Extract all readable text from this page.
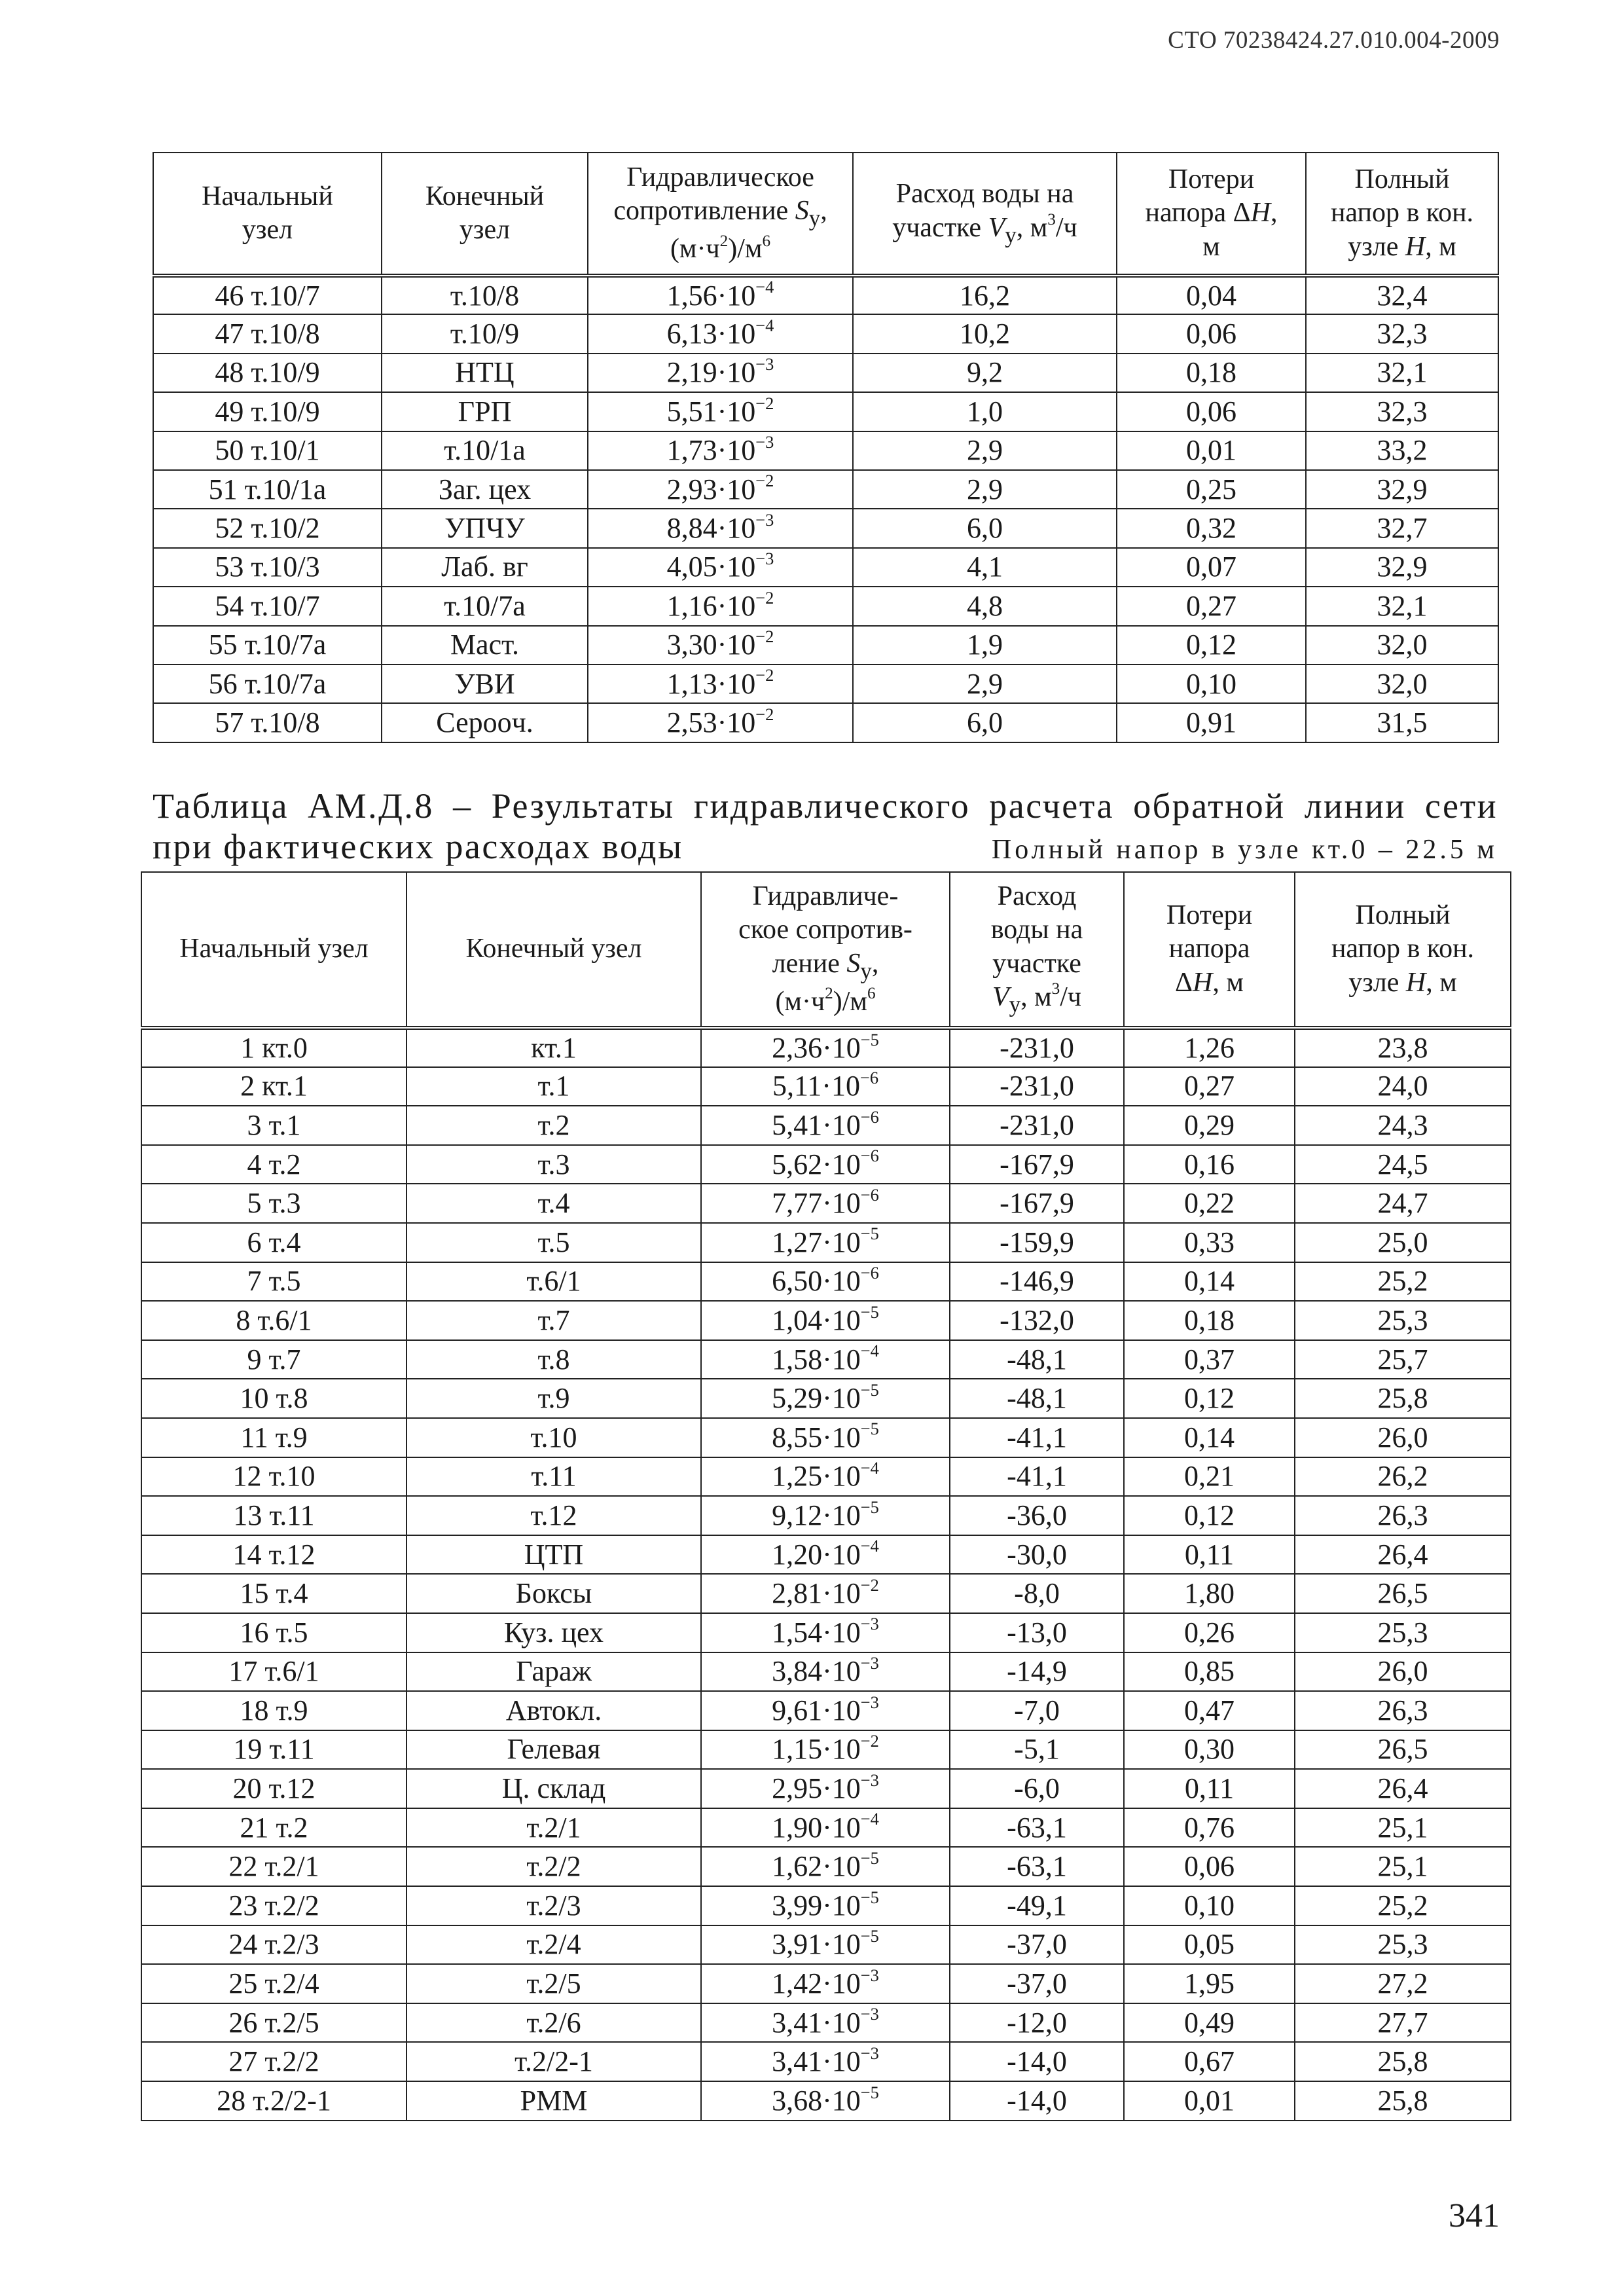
СТО 70238424.27.010.004-2009
Начальный
узел	Конечный
узел	Гидравлическое
сопротивление $S_у$,
$(м\cdot ч^2)/м^6$	Расход воды на
участке $V_у$, $м^3/ч$	Потери
напора ΔH,
м	Полный
напор в кон.
узле H, м
46 т.10/7	т.10/8	$1,56\cdot 10^{-4}$	16,2	0,04	32,4
47 т.10/8	т.10/9	$6,13\cdot 10^{-4}$	10,2	0,06	32,3
48 т.10/9	НТЦ	$2,19\cdot 10^{-3}$	9,2	0,18	32,1
49 т.10/9	ГРП	$5,51\cdot 10^{-2}$	1,0	0,06	32,3
50 т.10/1	т.10/1а	$1,73\cdot 10^{-3}$	2,9	0,01	33,2
51 т.10/1а	Заг. цех	$2,93\cdot 10^{-2}$	2,9	0,25	32,9
52 т.10/2	УПЧУ	$8,84\cdot 10^{-3}$	6,0	0,32	32,7
53 т.10/3	Лаб. вг	$4,05\cdot 10^{-3}$	4,1	0,07	32,9
54 т.10/7	т.10/7а	$1,16\cdot 10^{-2}$	4,8	0,27	32,1
55 т.10/7а	Маст.	$3,30\cdot 10^{-2}$	1,9	0,12	32,0
56 т.10/7а	УВИ	$1,13\cdot 10^{-2}$	2,9	0,10	32,0
57 т.10/8	Сероoч.	$2,53\cdot 10^{-2}$	6,0	0,91	31,5
Таблица АМ.Д.8 – Результаты гидравлического расчета обратной линии сети
при фактических расходах воды	Полный напор в узле кт.0 – 22.5 м
Начальный узел	Конечный узел	Гидравличе-
ское сопротив-
ление $S_у$,
$(м\cdot ч^2)/м^6$	Расход
воды на
участке
$V_у$, $м^3/ч$	Потери
напора
ΔH, м	Полный
напор в кон.
узле H, м
1 кт.0	кт.1	$2,36\cdot 10^{-5}$	-231,0	1,26	23,8
2 кт.1	т.1	$5,11\cdot 10^{-6}$	-231,0	0,27	24,0
3 т.1	т.2	$5,41\cdot 10^{-6}$	-231,0	0,29	24,3
4 т.2	т.3	$5,62\cdot 10^{-6}$	-167,9	0,16	24,5
5 т.3	т.4	$7,77\cdot 10^{-6}$	-167,9	0,22	24,7
6 т.4	т.5	$1,27\cdot 10^{-5}$	-159,9	0,33	25,0
7 т.5	т.6/1	$6,50\cdot 10^{-6}$	-146,9	0,14	25,2
8 т.6/1	т.7	$1,04\cdot 10^{-5}$	-132,0	0,18	25,3
9 т.7	т.8	$1,58\cdot 10^{-4}$	-48,1	0,37	25,7
10 т.8	т.9	$5,29\cdot 10^{-5}$	-48,1	0,12	25,8
11 т.9	т.10	$8,55\cdot 10^{-5}$	-41,1	0,14	26,0
12 т.10	т.11	$1,25\cdot 10^{-4}$	-41,1	0,21	26,2
13 т.11	т.12	$9,12\cdot 10^{-5}$	-36,0	0,12	26,3
14 т.12	ЦТП	$1,20\cdot 10^{-4}$	-30,0	0,11	26,4
15 т.4	Боксы	$2,81\cdot 10^{-2}$	-8,0	1,80	26,5
16 т.5	Куз. цех	$1,54\cdot 10^{-3}$	-13,0	0,26	25,3
17 т.6/1	Гараж	$3,84\cdot 10^{-3}$	-14,9	0,85	26,0
18 т.9	Автокл.	$9,61\cdot 10^{-3}$	-7,0	0,47	26,3
19 т.11	Гелевая	$1,15\cdot 10^{-2}$	-5,1	0,30	26,5
20 т.12	Ц. склад	$2,95\cdot 10^{-3}$	-6,0	0,11	26,4
21 т.2	т.2/1	$1,90\cdot 10^{-4}$	-63,1	0,76	25,1
22 т.2/1	т.2/2	$1,62\cdot 10^{-5}$	-63,1	0,06	25,1
23 т.2/2	т.2/3	$3,99\cdot 10^{-5}$	-49,1	0,10	25,2
24 т.2/3	т.2/4	$3,91\cdot 10^{-5}$	-37,0	0,05	25,3
25 т.2/4	т.2/5	$1,42\cdot 10^{-3}$	-37,0	1,95	27,2
26 т.2/5	т.2/6	$3,41\cdot 10^{-3}$	-12,0	0,49	27,7
27 т.2/2	т.2/2-1	$3,41\cdot 10^{-3}$	-14,0	0,67	25,8
28 т.2/2-1	РММ	$3,68\cdot 10^{-5}$	-14,0	0,01	25,8
341
